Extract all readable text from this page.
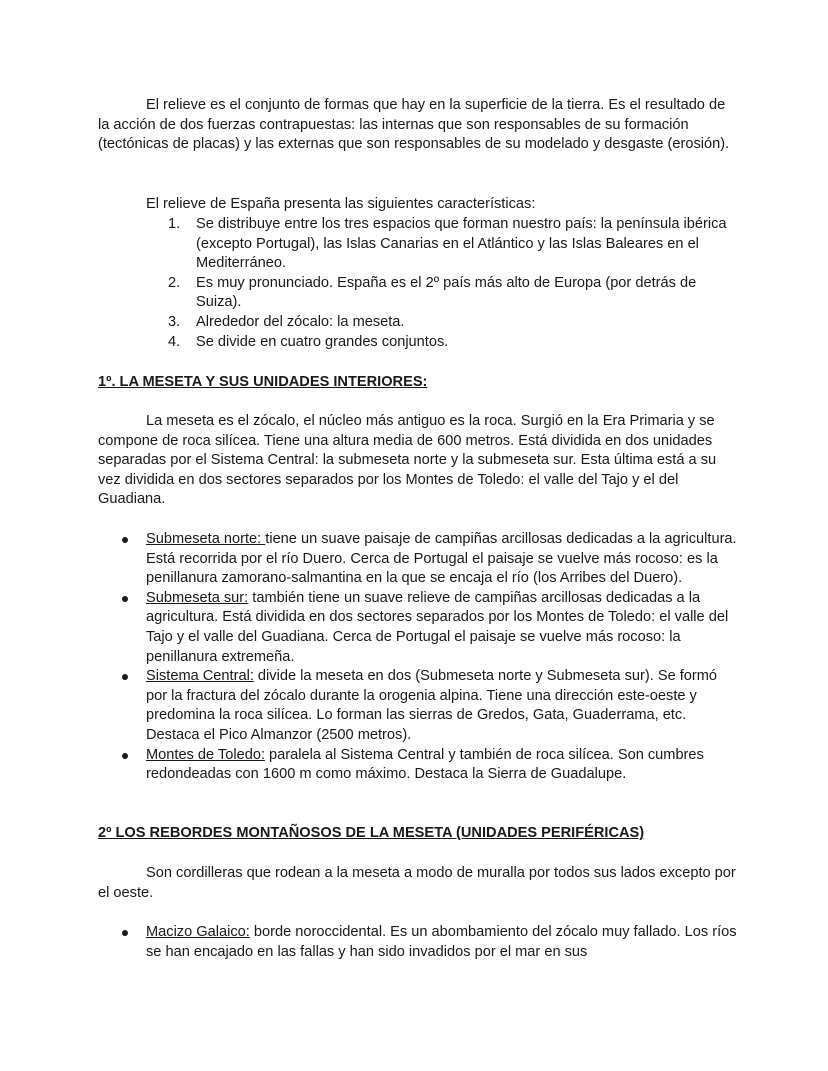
El relieve es el conjunto de formas que hay en la superficie de la tierra. Es el resultado de la acción de dos fuerzas contrapuestas: las internas que son responsables de su formación (tectónicas de placas) y las externas que son responsables de su modelado y desgaste (erosión).

El relieve de España presenta las siguientes características:

1. Se distribuye entre los tres espacios que forman nuestro país: la península ibérica (excepto Portugal), las Islas Canarias en el Atlántico y las Islas Baleares en el Mediterráneo.
2. Es muy pronunciado. España es el 2º país más alto de Europa (por detrás de Suiza).
3. Alrededor del zócalo: la meseta.
4. Se divide en cuatro grandes conjuntos.

1º. LA MESETA Y SUS UNIDADES INTERIORES:

La meseta es el zócalo, el núcleo más antiguo es la roca. Surgió en la Era Primaria y se compone de roca silícea. Tiene una altura media de 600 metros. Está dividida en dos unidades separadas por el Sistema Central: la submeseta norte y la submeseta sur. Esta última está a su vez dividida en dos sectores separados por los Montes de Toledo: el valle del Tajo y el del Guadiana.

Submeseta norte: tiene un suave paisaje de campiñas arcillosas dedicadas a la agricultura. Está recorrida por el río Duero. Cerca de Portugal el paisaje se vuelve más rocoso: es la penillanura zamorano-salmantina en la que se encaja el río (los Arribes del Duero).
Submeseta sur: también tiene un suave relieve de campiñas arcillosas dedicadas a la agricultura. Está dividida en dos sectores separados por los Montes de Toledo: el valle del Tajo y el valle del Guadiana. Cerca de Portugal el paisaje se vuelve más rocoso: la penillanura extremeña.
Sistema Central: divide la meseta en dos (Submeseta norte y Submeseta sur). Se formó por la fractura del zócalo durante la orogenia alpina. Tiene una dirección este-oeste y predomina la roca silícea. Lo forman las sierras de Gredos, Gata, Guaderrama, etc. Destaca el Pico Almanzor (2500 metros).
Montes de Toledo: paralela al Sistema Central y también de roca silícea. Son cumbres redondeadas con 1600 m como máximo. Destaca la Sierra de Guadalupe.

2º LOS REBORDES MONTAÑOSOS DE LA MESETA (UNIDADES PERIFÉRICAS)

Son cordilleras que rodean a la meseta a modo de muralla por todos sus lados excepto por el oeste.

Macizo Galaico: borde noroccidental. Es un abombamiento del zócalo muy fallado. Los ríos se han encajado en las fallas y han sido invadidos por el mar en sus
